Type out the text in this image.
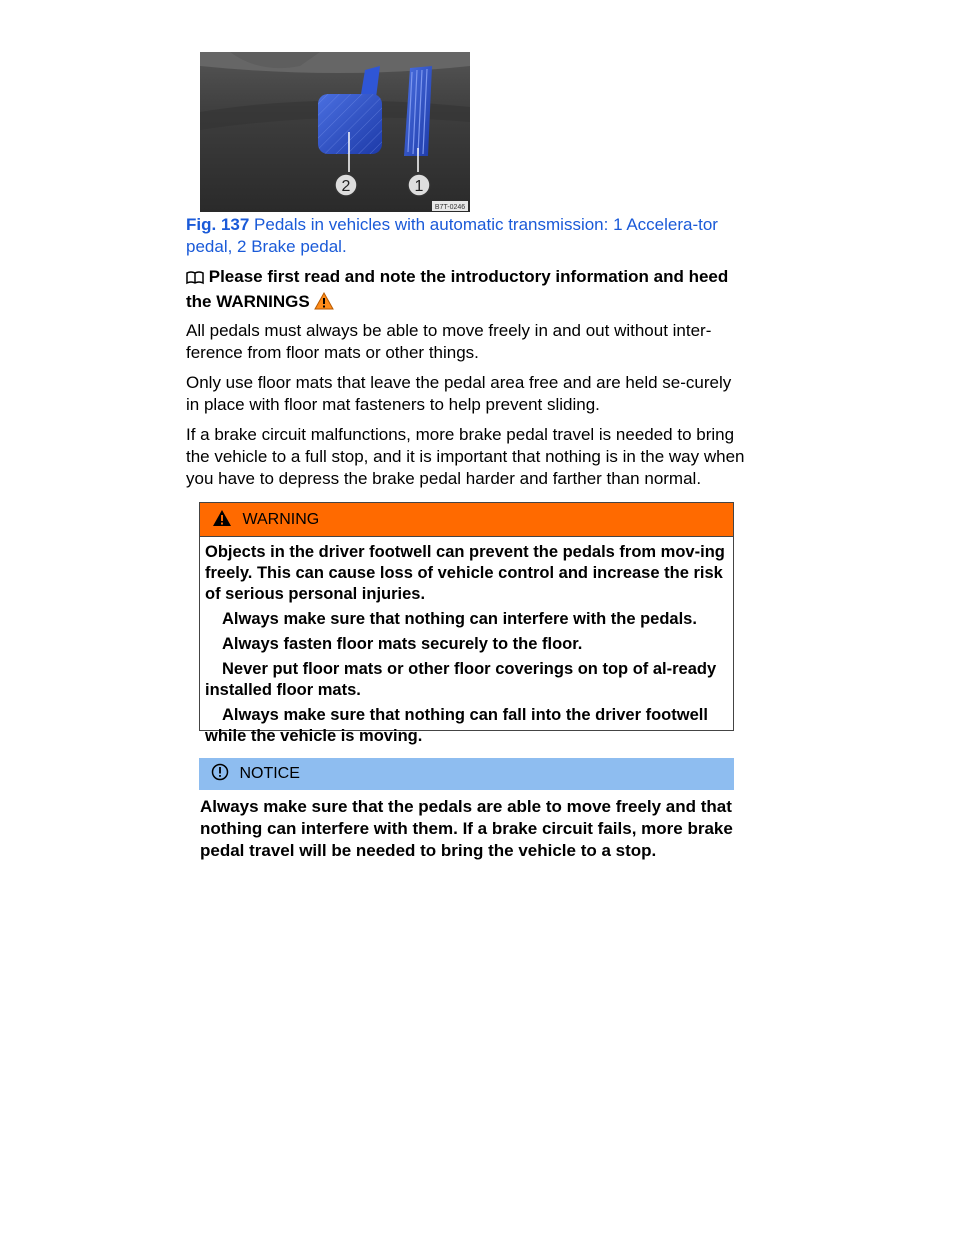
2	1
B7T-0246
Fig. 137 Pedals in vehicles with automatic transmission: 1 Accelera-tor pedal, 2 Brake pedal.
Please first read and note the introductory information and heed the WARNINGS

All pedals must always be able to move freely in and out without inter-ference from floor mats or other things.

Only use floor mats that leave the pedal area free and are held se-curely in place with floor mat fasteners to help prevent sliding.

If a brake circuit malfunctions, more brake pedal travel is needed to bring the vehicle to a full stop, and it is important that nothing is in the way when you have to depress the brake pedal harder and farther than normal.

WARNING

Objects in the driver footwell can prevent the pedals from mov-ing freely. This can cause loss of vehicle control and increase the risk of serious personal injuries.

Always make sure that nothing can interfere with the pedals.

Always fasten floor mats securely to the floor.

Never put floor mats or other floor coverings on top of al-ready installed floor mats.

Always make sure that nothing can fall into the driver footwell while the vehicle is moving.

NOTICE
Always make sure that the pedals are able to move freely and that nothing can interfere with them. If a brake circuit fails, more brake pedal travel will be needed to bring the vehicle to a stop.
